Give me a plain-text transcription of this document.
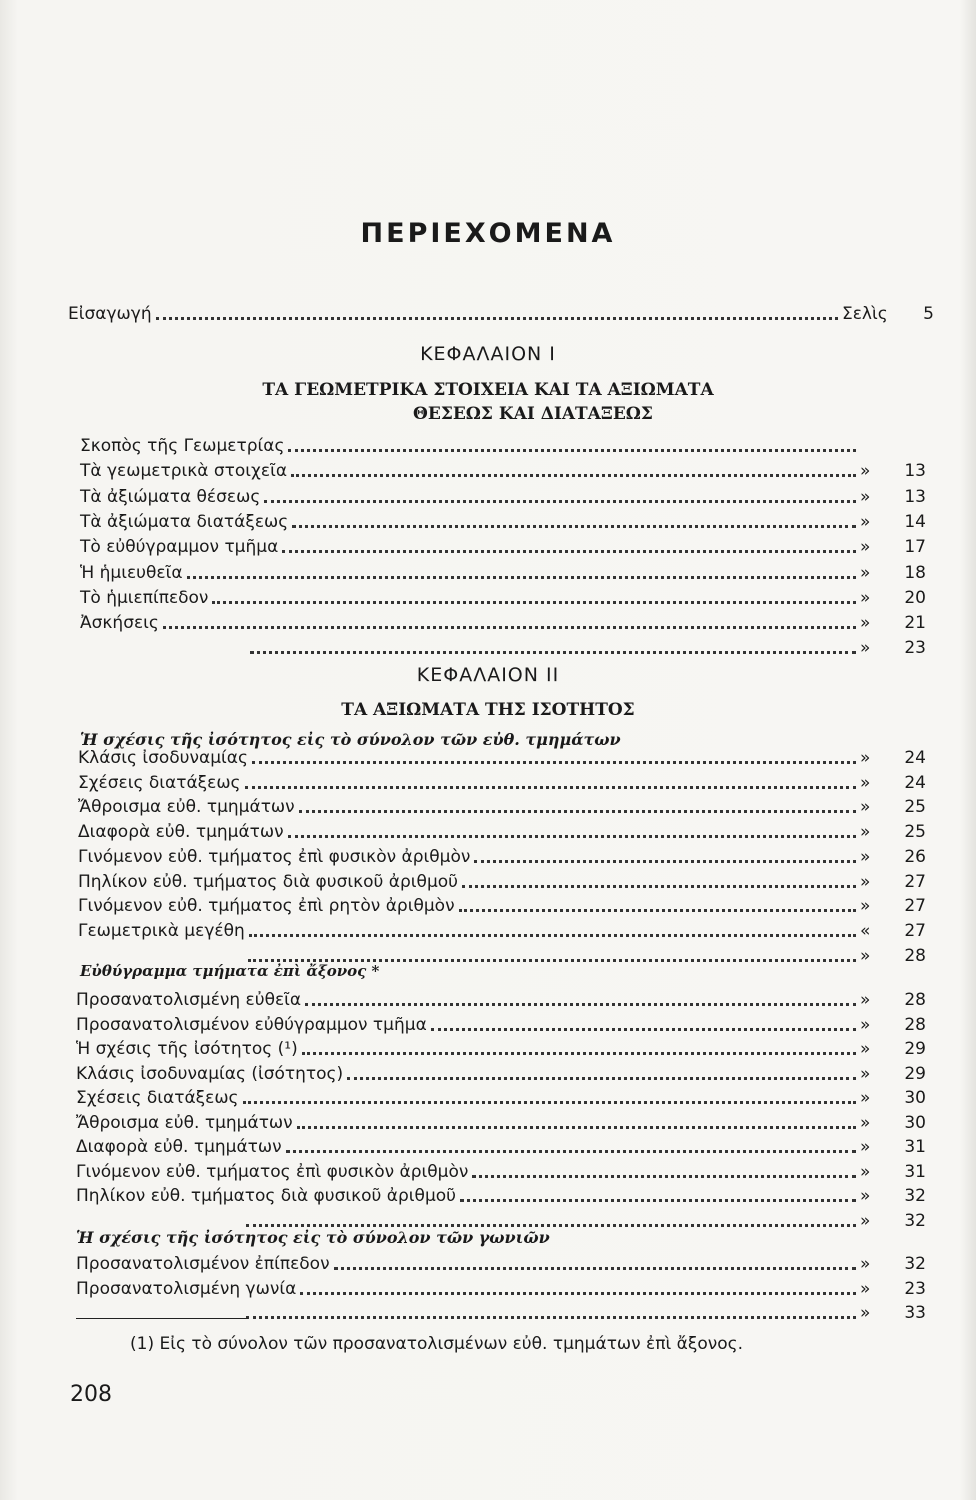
ΠΕΡΙΕΧΟΜΕΝΑ
Εἰσαγωγή	Σελὶς	5
ΚΕΦΑΛΑΙΟΝ Ι
ΤΑ ΓΕΩΜΕΤΡΙΚΑ ΣΤΟΙΧΕΙΑ ΚΑΙ ΤΑ ΑΞΙΩΜΑΤΑ
ΘΕΣΕΩΣ ΚΑΙ ΔΙΑΤΑΞΕΩΣ
Σκοπὸς τῆς Γεωμετρίας
Τὰ γεωμετρικὰ στοιχεῖα	»	13
Τὰ ἀξιώματα θέσεως	»	13
Τὰ ἀξιώματα διατάξεως	»	14
Τὸ εὐθύγραμμον τμῆμα	»	17
Ἡ ἡμιευθεῖα	»	18
Τὸ ἡμιεπίπεδον	»	20
Ἀσκήσεις	»	21
»	23
ΚΕΦΑΛΑΙΟΝ ΙΙ
ΤΑ ΑΞΙΩΜΑΤΑ ΤΗΣ ΙΣΟΤΗΤΟΣ
Ἡ σχέσις τῆς ἰσότητος εἰς τὸ σύνολον τῶν εὐθ. τμημάτων
Κλάσις ἰσοδυναμίας	»	24
Σχέσεις διατάξεως	»	24
Ἄθροισμα εὐθ. τμημάτων	»	25
Διαφορὰ εὐθ. τμημάτων	»	25
Γινόμενον εὐθ. τμήματος ἐπὶ φυσικὸν ἀριθμὸν	»	26
Πηλίκον εὐθ. τμήματος διὰ φυσικοῦ ἀριθμοῦ	»	27
Γινόμενον εὐθ. τμήματος ἐπὶ ρητὸν ἀριθμὸν	»	27
Γεωμετρικὰ μεγέθη	«	27
»	28
Εὐθύγραμμα τμήματα ἐπὶ ἄξονος *
Προσανατολισμένη εὐθεῖα	»	28
Προσανατολισμένον εὐθύγραμμον τμῆμα	»	28
Ἡ σχέσις τῆς ἰσότητος (¹)	»	29
Κλάσις ἰσοδυναμίας (ἰσότητος)	»	29
Σχέσεις διατάξεως	»	30
Ἄθροισμα εὐθ. τμημάτων	»	30
Διαφορὰ εὐθ. τμημάτων	»	31
Γινόμενον εὐθ. τμήματος ἐπὶ φυσικὸν ἀριθμὸν	»	31
Πηλίκον εὐθ. τμήματος διὰ φυσικοῦ ἀριθμοῦ	»	32
»	32
Ἡ σχέσις τῆς ἰσότητος εἰς τὸ σύνολον τῶν γωνιῶν
Προσανατολισμένον ἐπίπεδον	»	32
Προσανατολισμένη γωνία	»	23
»	33
(1) Εἰς τὸ σύνολον τῶν προσανατολισμένων εὐθ. τμημάτων ἐπὶ ἄξονος.
208
